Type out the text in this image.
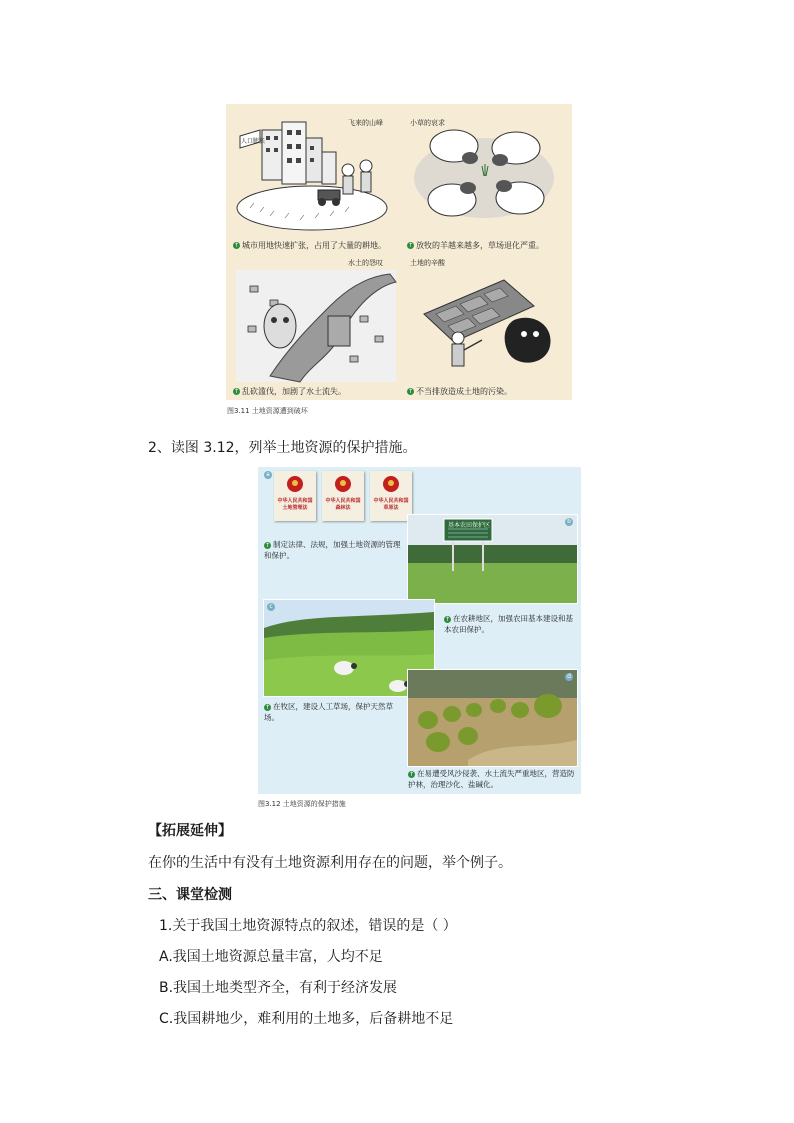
人口膨胀
飞来的山峰
↑ 城市用地快速扩张，占用了大量的耕地。
小草的哀求
↑ 放牧的羊越来越多，草场退化严重。
水土的怨叹
↑ 乱砍滥伐，加剧了水土流失。
土地的辛酸
↑ 不当排放造成土地的污染。
图3.11 土地资源遭到破坏
2、读图 3.12，列举土地资源的保护措施。
a
中华人民共和国土地管理法
中华人民共和国森林法
中华人民共和国草原法
↑ 制定法律、法规，加强土地资源的管理和保护。
基本农田保护区
b
c
↑ 在农耕地区，加强农田基本建设和基本农田保护。
↑ 在牧区，建设人工草场，保护天然草场。
d
↑ 在易遭受风沙侵袭、水土流失严重地区，营造防护林，治理沙化、盐碱化。
图3.12 土地资源的保护措施
【拓展延伸】
在你的生活中有没有土地资源利用存在的问题，举个例子。
三、课堂检测
1.关于我国土地资源特点的叙述，错误的是（ ）
A.我国土地资源总量丰富，人均不足
B.我国土地类型齐全，有利于经济发展
C.我国耕地少，难利用的土地多，后备耕地不足
